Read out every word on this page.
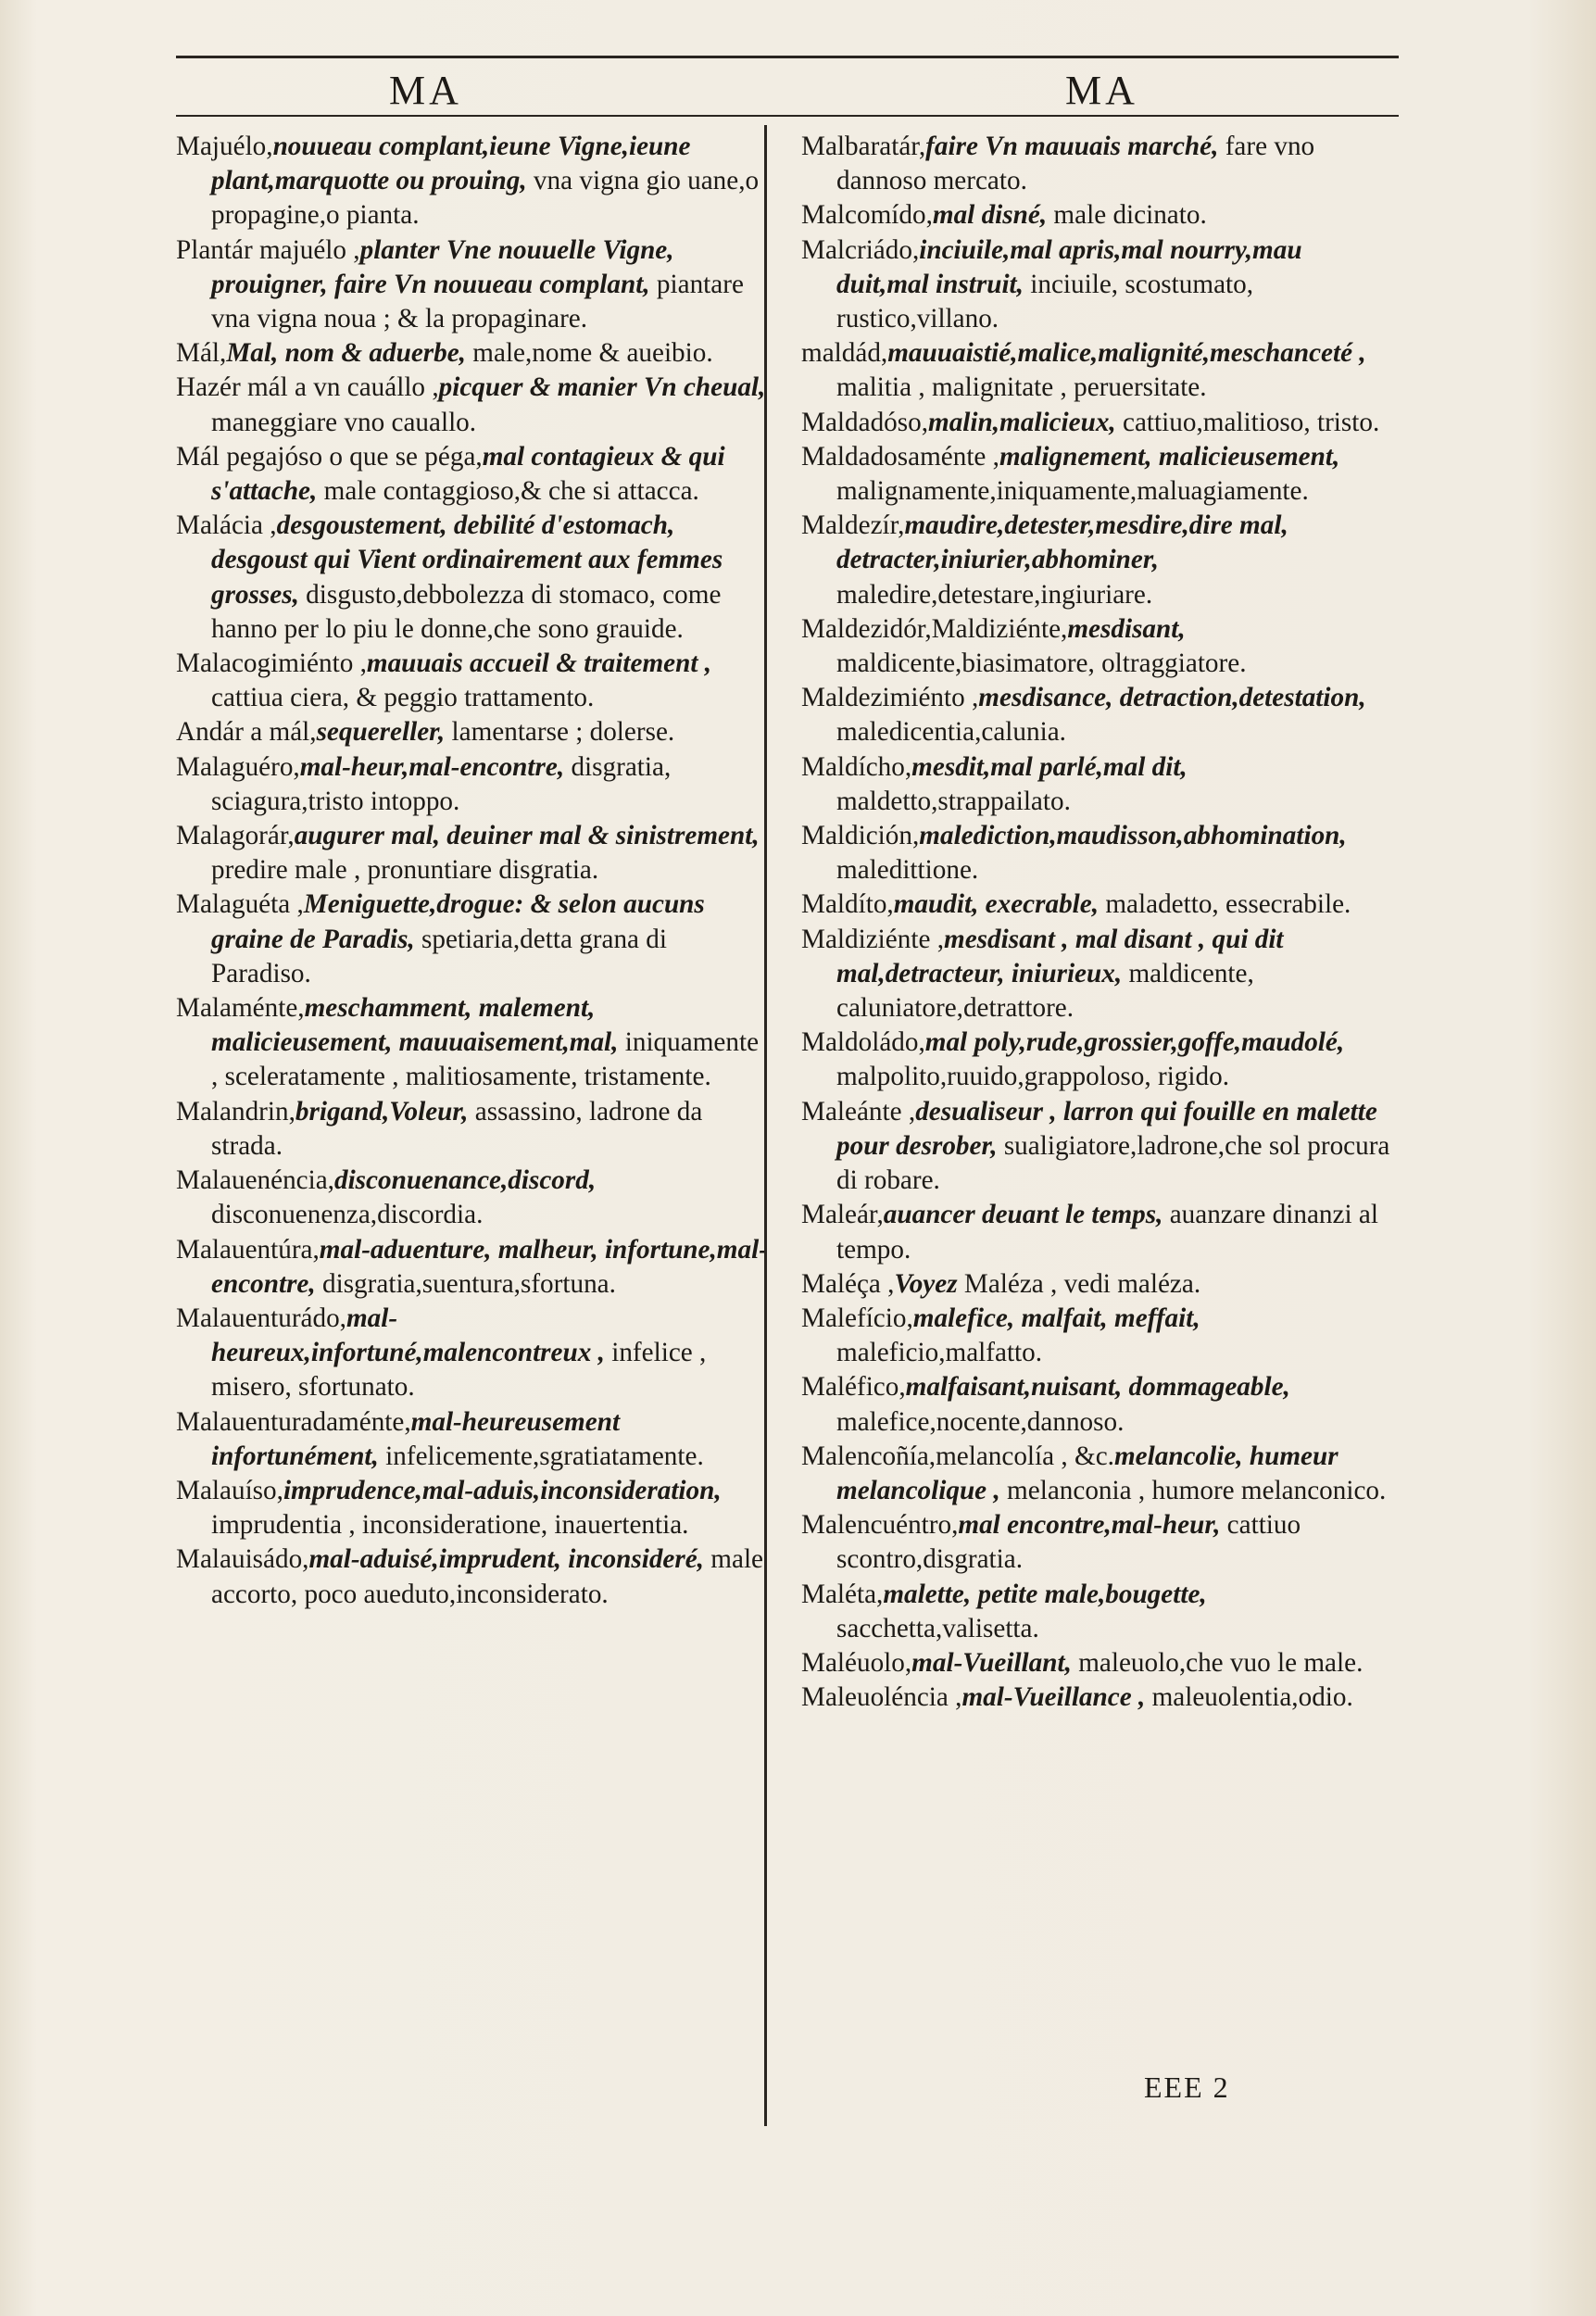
MA	MA

Majuélo,nouueau complant,ieune Vigne,ieune plant,marquotte ou prouing, vna vigna gio uane,o propagine,o pianta.

Plantár majuélo ,planter Vne nouuelle Vigne, prouigner, faire Vn nouueau complant, piantare vna vigna noua ; & la propaginare.

Mál,Mal, nom & aduerbe, male,nome & aueibio.

Hazér mál a vn cauállo ,picquer & manier Vn cheual, maneggiare vno cauallo.

Mál pegajóso o que se péga,mal contagieux & qui s'attache, male contaggioso,& che si attacca.

Malácia ,desgoustement, debilité d'estomach, desgoust qui Vient ordinairement aux femmes grosses, disgusto,debbolezza di stomaco, come hanno per lo piu le donne,che sono grauide.

Malacogimiénto ,mauuais accueil & traitement , cattiua ciera, & peggio trattamento.

Andár a mál,sequereller, lamentarse ; dolerse.

Malaguéro,mal-heur,mal-encontre, disgratia, sciagura,tristo intoppo.

Malagorár,augurer mal, deuiner mal & sinistrement, predire male , pronuntiare disgratia.

Malaguéta ,Meniguette,drogue: & selon aucuns graine de Paradis, spetiaria,detta grana di Paradiso.

Malaménte,meschamment, malement, malicieusement, mauuaisement,mal, iniquamente , sceleratamente , malitiosamente, tristamente.

Malandrin,brigand,Voleur, assassino, ladrone da strada.

Malauenéncia,disconuenance,discord, disconuenenza,discordia.

Malauentúra,mal-aduenture, malheur, infortune,mal-encontre, disgratia,suentura,sfortuna.

Malauenturádo,mal-heureux,infortuné,malencontreux , infelice , misero, sfortunato.

Malauenturadaménte,mal-heureusement infortunément, infelicemente,sgratiatamente.

Malauíso,imprudence,mal-aduis,inconsideration, imprudentia , inconsideratione, inauertentia.

Malauisádo,mal-aduisé,imprudent, inconsideré, male accorto, poco aueduto,inconsiderato.

Malbaratár,faire Vn mauuais marché, fare vno dannoso mercato.

Malcomído,mal disné, male dicinato.

Malcriádo,inciuile,mal apris,mal nourry,mau duit,mal instruit, inciuile, scostumato, rustico,villano.

maldád,mauuaistié,malice,malignité,meschanceté , malitia , malignitate , peruersitate.

Maldadóso,malin,malicieux, cattiuo,malitioso, tristo.

Maldadosaménte ,malignement, malicieusement, malignamente,iniquamente,maluagiamente.

Maldezír,maudire,detester,mesdire,dire mal, detracter,iniurier,abhominer, maledire,detestare,ingiuriare.

Maldezidór,Maldiziénte,mesdisant, maldicente,biasimatore, oltraggiatore.

Maldezimiénto ,mesdisance, detraction,detestation, maledicentia,calunia.

Maldícho,mesdit,mal parlé,mal dit, maldetto,strappailato.

Maldición,malediction,maudisson,abhomination, maledittione.

Maldíto,maudit, execrable, maladetto, essecrabile.

Maldiziénte ,mesdisant , mal disant , qui dit mal,detracteur, iniurieux, maldicente, caluniatore,detrattore.

Maldoládo,mal poly,rude,grossier,goffe,maudolé, malpolito,ruuido,grappoloso, rigido.

Maleánte ,desualiseur , larron qui fouille en malette pour desrober, sualigiatore,ladrone,che sol procura di robare.

Maleár,auancer deuant le temps, auanzare dinanzi al tempo.

Maléça ,Voyez Maléza , vedi maléza.

Malefício,malefice, malfait, meffait, maleficio,malfatto.

Maléfico,malfaisant,nuisant, dommageable, malefice,nocente,dannoso.

Malencoñía,melancolía , &c.melancolie, humeur melancolique , melanconia , humore melanconico.

Malencuéntro,mal encontre,mal-heur, cattiuo scontro,disgratia.

Maléta,malette, petite male,bougette, sacchetta,valisetta.

Maléuolo,mal-Vueillant, maleuolo,che vuo le male.

Maleuoléncia ,mal-Vueillance , maleuolentia,odio.

EEE 2
